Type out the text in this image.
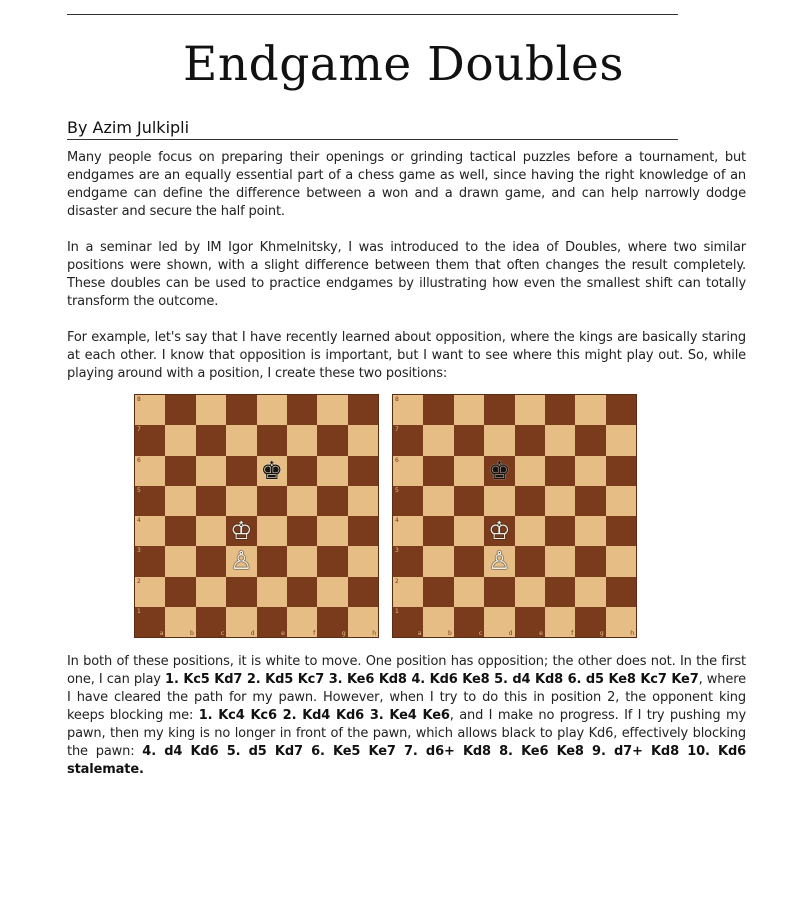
Endgame Doubles
By Azim Julkipli

Many people focus on preparing their openings or grinding tactical puzzles before a tournament, but endgames are an equally essential part of a chess game as well, since having the right knowledge of an endgame can define the difference between a won and a drawn game, and can help narrowly dodge disaster and secure the half point.

In a seminar led by IM Igor Khmelnitsky, I was introduced to the idea of Doubles, where two similar positions were shown, with a slight difference between them that often changes the result completely. These doubles can be used to practice endgames by illustrating how even the smallest shift can totally transform the outcome.

For example, let's say that I have recently learned about opposition, where the kings are basically staring at each other. I know that opposition is important, but I want to see where this might play out. So, while playing around with a position, I create these two positions:

8
7
6	♚
5
4	♔
3	♙
2
1
a	b	c	d	e	f	g	h
8
7
6	♚
5
4	♔
3	♙
2
1
a	b	c	d	e	f	g	h

In both of these positions, it is white to move. One position has opposition; the other does not. In the first one, I can play 1. Kc5 Kd7 2. Kd5 Kc7 3. Ke6 Kd8 4. Kd6 Ke8 5. d4 Kd8 6. d5 Ke8 Kc7 Ke7, where I have cleared the path for my pawn. However, when I try to do this in position 2, the opponent king keeps blocking me: 1. Kc4 Kc6 2. Kd4 Kd6 3. Ke4 Ke6, and I make no progress. If I try pushing my pawn, then my king is no longer in front of the pawn, which allows black to play Kd6, effectively blocking the pawn: 4. d4 Kd6 5. d5 Kd7 6. Ke5 Ke7 7. d6+ Kd8 8. Ke6 Ke8 9. d7+ Kd8 10. Kd6 stalemate.
